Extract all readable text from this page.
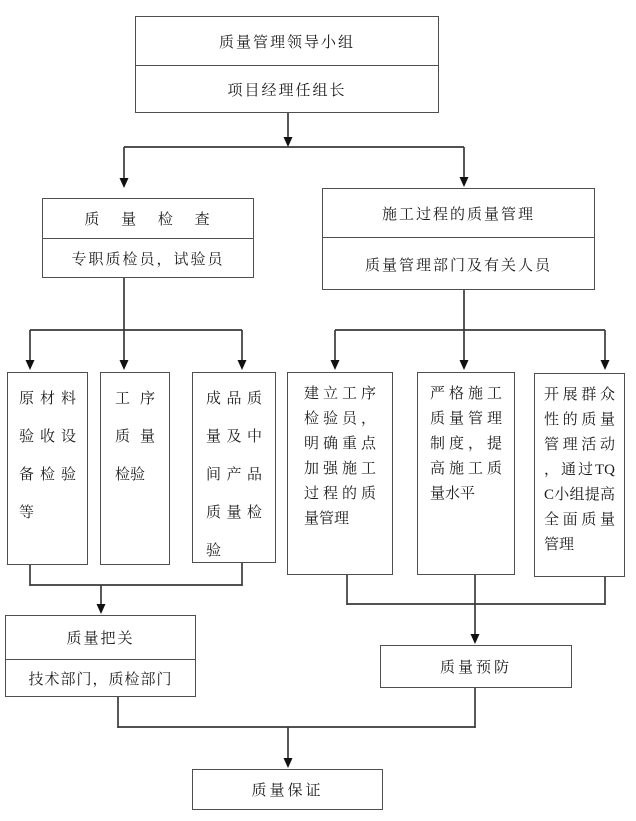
质量管理领导小组
项目经理任组长
质 量 检 查
专职质检员，试验员
施工过程的质量管理
质量管理部门及有关人员
原材料验收设备检验等
工序质量检验
成品质量及中间产品质量检验
建立工序检验员，明确重点加强施工过程的质量管理
严格施工质量管理制度，提高施工质量水平
开展群众性的质量管理活动，通过TQC小组提高全面质量管理
质量把关
技术部门，质检部门
质量预防
质量保证
